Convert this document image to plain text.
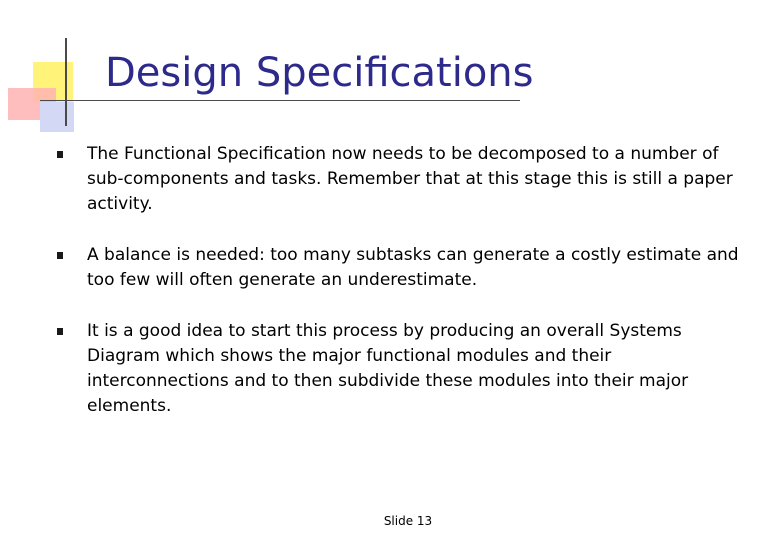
Design Specifications
The Functional Specification now needs to be decomposed to a number of sub-components and tasks. Remember that at this stage this is still a paper activity.
A balance is needed: too many subtasks can generate a costly estimate and too few will often generate an underestimate.
It is a good idea to start this process by producing an overall Systems Diagram which shows the major functional modules and their interconnections and to then subdivide these modules into their major elements.
Slide 13
